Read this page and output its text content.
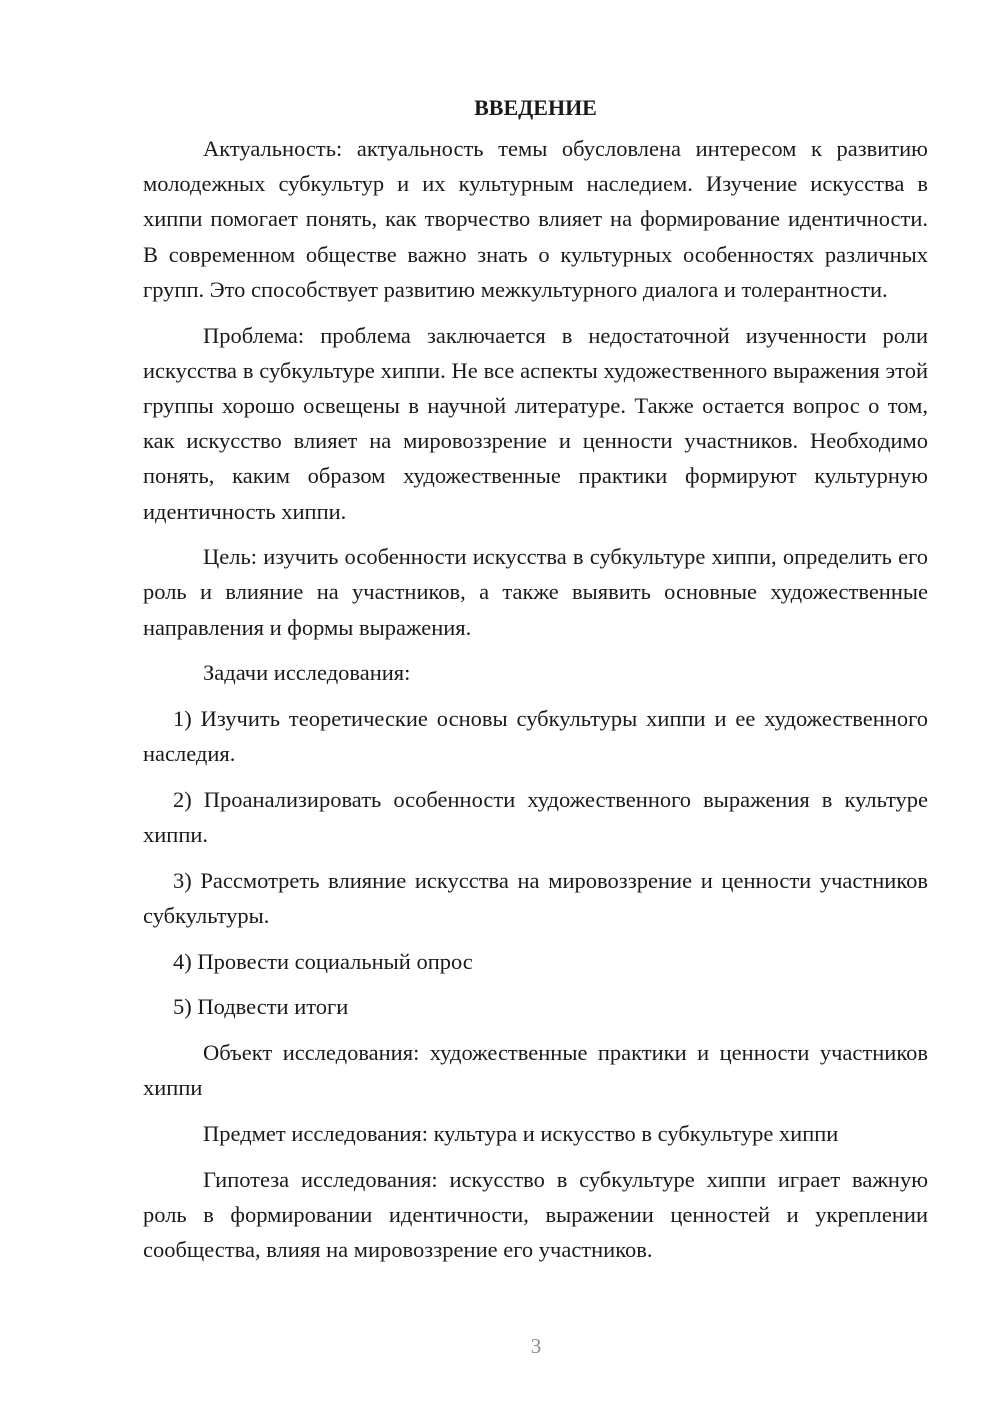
ВВЕДЕНИЕ

Актуальность: актуальность темы обусловлена интересом к развитию молодежных субкультур и их культурным наследием. Изучение искусства в хиппи помогает понять, как творчество влияет на формирование идентичности. В современном обществе важно знать о культурных особенностях различных групп. Это способствует развитию межкультурного диалога и толерантности.

Проблема: проблема заключается в недостаточной изученности роли искусства в субкультуре хиппи. Не все аспекты художественного выражения этой группы хорошо освещены в научной литературе. Также остается вопрос о том, как искусство влияет на мировоззрение и ценности участников. Необходимо понять, каким образом художественные практики формируют культурную идентичность хиппи.

Цель: изучить особенности искусства в субкультуре хиппи, определить его роль и влияние на участников, а также выявить основные художественные направления и формы выражения.

Задачи исследования:

1) Изучить теоретические основы субкультуры хиппи и ее художественного наследия.

2) Проанализировать особенности художественного выражения в культуре хиппи.

3) Рассмотреть влияние искусства на мировоззрение и ценности участников субкультуры.

4) Провести социальный опрос

5) Подвести итоги

Объект исследования: художественные практики и ценности участников хиппи

Предмет исследования: культура и искусство в субкультуре хиппи

Гипотеза исследования: искусство в субкультуре хиппи играет важную роль в формировании идентичности, выражении ценностей и укреплении сообщества, влияя на мировоззрение его участников.

3
